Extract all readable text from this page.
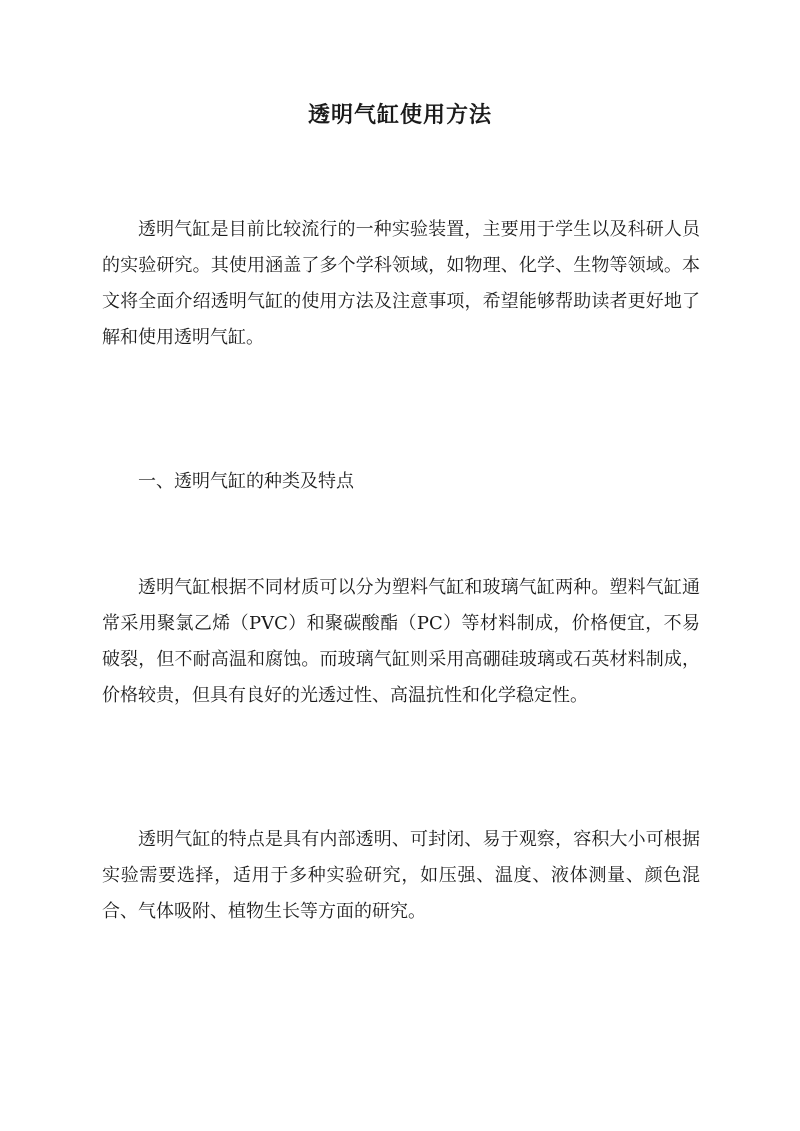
透明气缸使用方法

透明气缸是目前比较流行的一种实验装置，主要用于学生以及科研人员的实验研究。其使用涵盖了多个学科领域，如物理、化学、生物等领域。本文将全面介绍透明气缸的使用方法及注意事项，希望能够帮助读者更好地了解和使用透明气缸。

一、透明气缸的种类及特点

透明气缸根据不同材质可以分为塑料气缸和玻璃气缸两种。塑料气缸通常采用聚氯乙烯（PVC）和聚碳酸酯（PC）等材料制成，价格便宜，不易破裂，但不耐高温和腐蚀。而玻璃气缸则采用高硼硅玻璃或石英材料制成，价格较贵，但具有良好的光透过性、高温抗性和化学稳定性。

透明气缸的特点是具有内部透明、可封闭、易于观察，容积大小可根据实验需要选择，适用于多种实验研究，如压强、温度、液体测量、颜色混合、气体吸附、植物生长等方面的研究。
